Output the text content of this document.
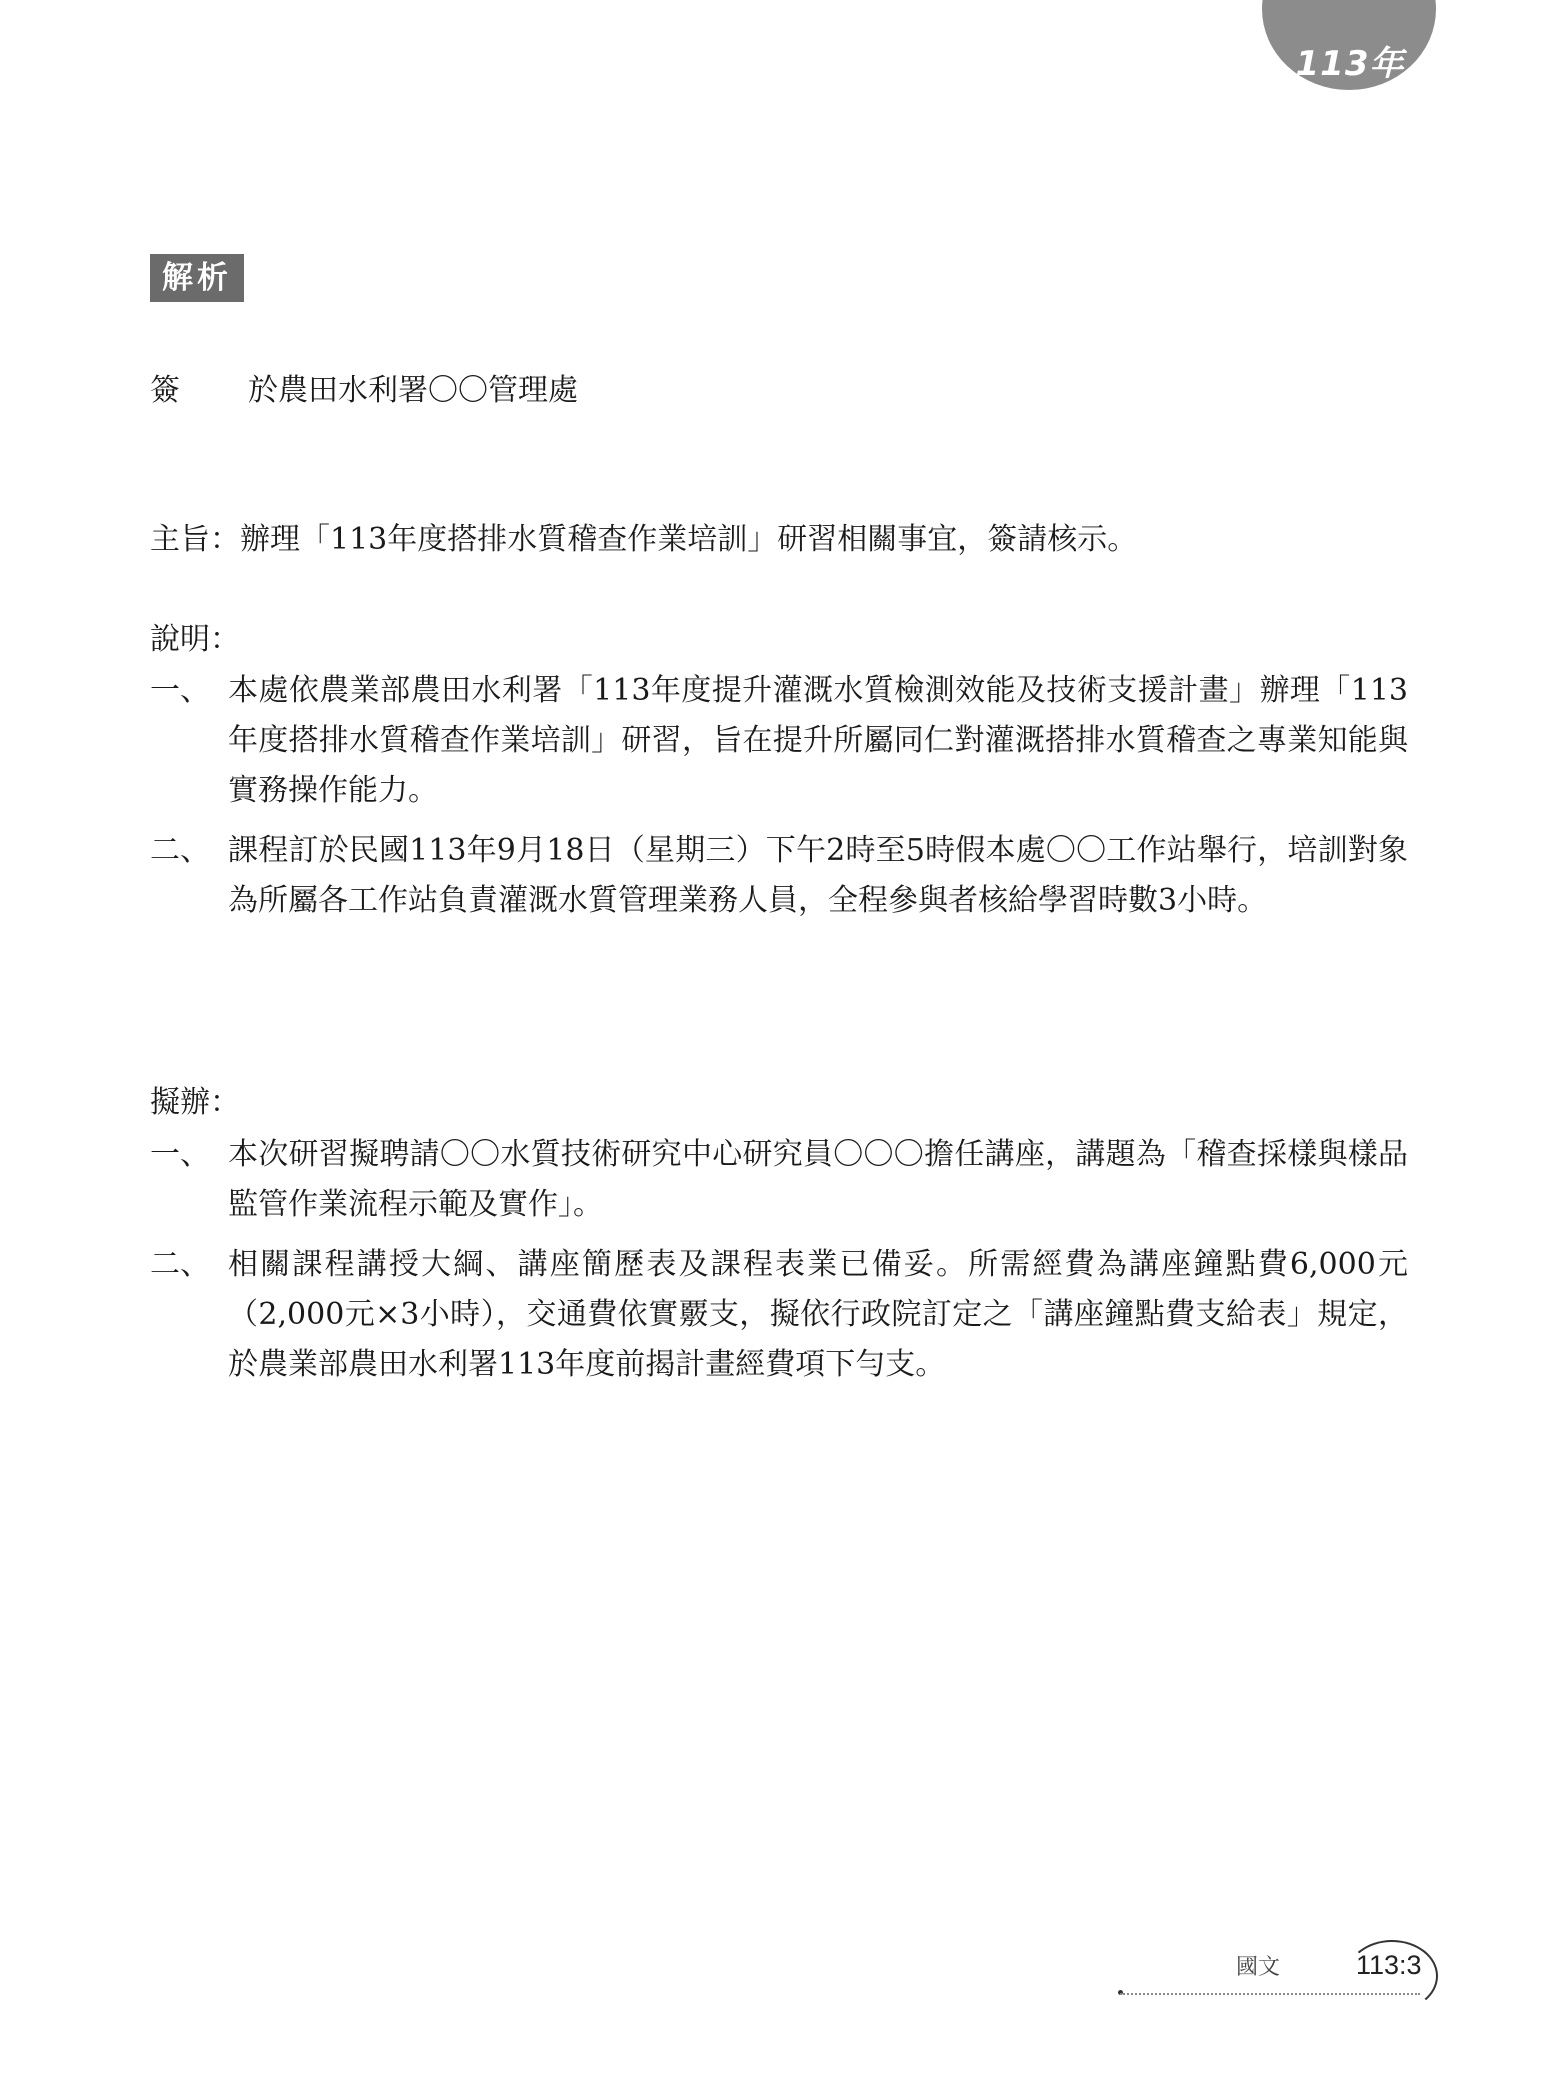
113年
解析
簽 於農田水利署〇〇管理處
主旨：辦理「113年度搭排水質稽查作業培訓」研習相關事宜，簽請核示。
說明：
一、 本處依農業部農田水利署「113年度提升灌溉水質檢測效能及技術支援計畫」辦理「113年度搭排水質稽查作業培訓」研習，旨在提升所屬同仁對灌溉搭排水質稽查之專業知能與實務操作能力。
二、 課程訂於民國113年9月18日（星期三）下午2時至5時假本處〇〇工作站舉行，培訓對象為所屬各工作站負責灌溉水質管理業務人員，全程參與者核給學習時數3小時。
擬辦：
一、 本次研習擬聘請〇〇水質技術研究中心研究員〇〇〇擔任講座，講題為「稽查採樣與樣品監管作業流程示範及實作」。
二、 相關課程講授大綱、講座簡歷表及課程表業已備妥。所需經費為講座鐘點費6,000元（2,000元×3小時），交通費依實覈支，擬依行政院訂定之「講座鐘點費支給表」規定，於農業部農田水利署113年度前揭計畫經費項下勻支。
國文	113:3
